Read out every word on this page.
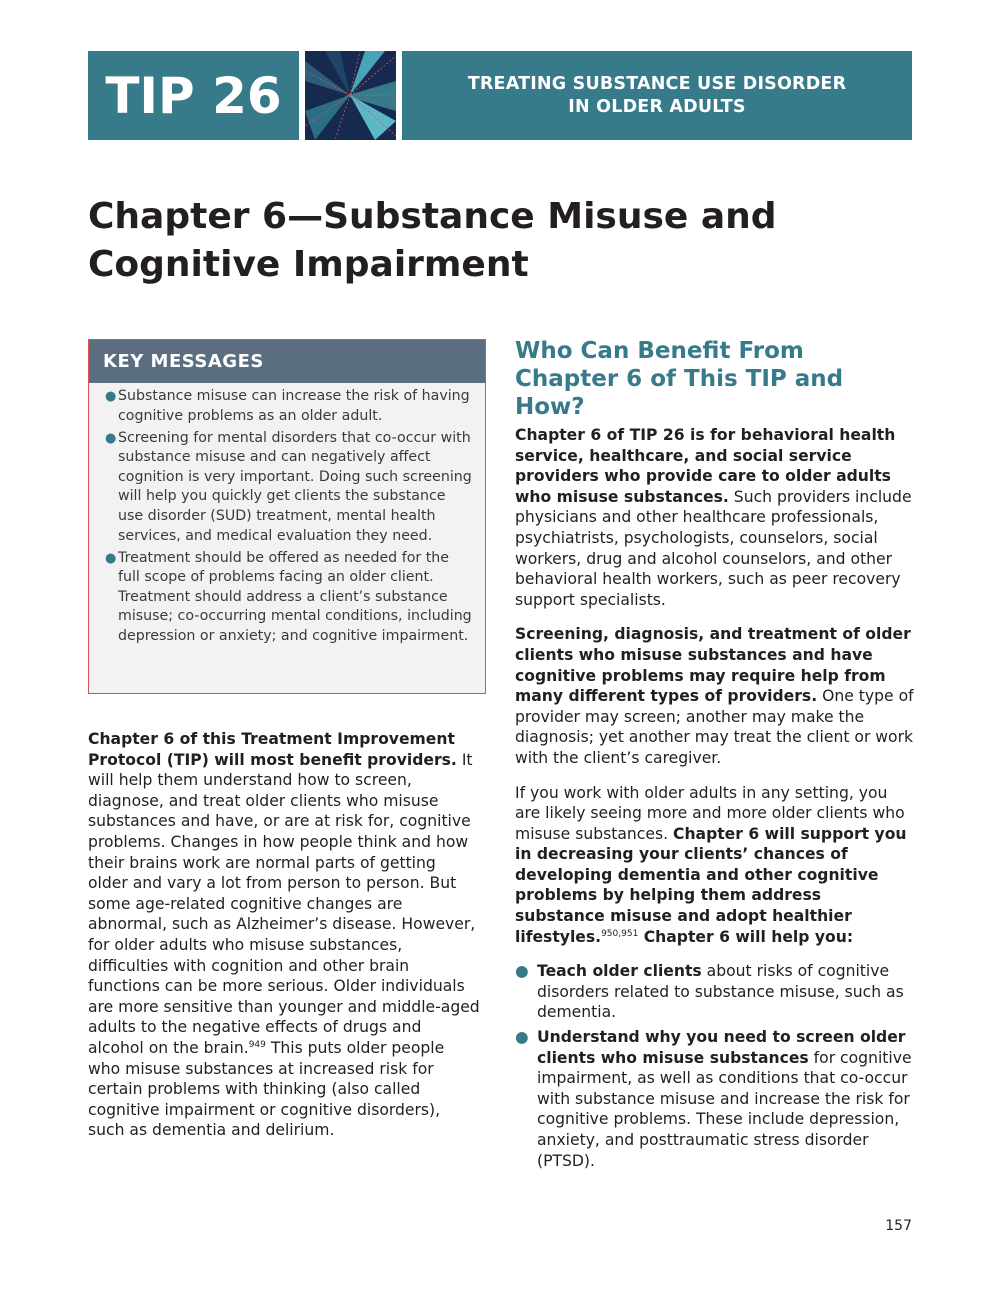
TIP 26	TREATING SUBSTANCE USE DISORDER
IN OLDER ADULTS
Chapter 6—Substance Misuse and Cognitive Impairment
KEY MESSAGES
● Substance misuse can increase the risk of having cognitive problems as an older adult.
● Screening for mental disorders that co-occur with substance misuse and can negatively affect cognition is very important. Doing such screening will help you quickly get clients the substance use disorder (SUD) treatment, mental health services, and medical evaluation they need.
● Treatment should be offered as needed for the full scope of problems facing an older client. Treatment should address a client’s substance misuse; co-occurring mental conditions, including depression or anxiety; and cognitive impairment.
Chapter 6 of this Treatment Improvement Protocol (TIP) will most benefit providers. It will help them understand how to screen, diagnose, and treat older clients who misuse substances and have, or are at risk for, cognitive problems. Changes in how people think and how their brains work are normal parts of getting older and vary a lot from person to person. But some age-related cognitive changes are abnormal, such as Alzheimer’s disease. However, for older adults who misuse substances, difficulties with cognition and other brain functions can be more serious. Older individuals are more sensitive than younger and middle-aged adults to the negative effects of drugs and alcohol on the brain.$^{949}$ This puts older people who misuse substances at increased risk for certain problems with thinking (also called cognitive impairment or cognitive disorders), such as dementia and delirium.
Who Can Benefit From Chapter 6 of This TIP and How?

Chapter 6 of TIP 26 is for behavioral health service, healthcare, and social service providers who provide care to older adults who misuse substances. Such providers include physicians and other healthcare professionals, psychiatrists, psychologists, counselors, social workers, drug and alcohol counselors, and other behavioral health workers, such as peer recovery support specialists.

Screening, diagnosis, and treatment of older clients who misuse substances and have cognitive problems may require help from many different types of providers. One type of provider may screen; another may make the diagnosis; yet another may treat the client or work with the client’s caregiver.

If you work with older adults in any setting, you are likely seeing more and more older clients who misuse substances. Chapter 6 will support you in decreasing your clients’ chances of developing dementia and other cognitive problems by helping them address substance misuse and adopt healthier lifestyles.$^{950,951}$ Chapter 6 will help you:

● Teach older clients about risks of cognitive disorders related to substance misuse, such as dementia.
● Understand why you need to screen older clients who misuse substances for cognitive impairment, as well as conditions that co-occur with substance misuse and increase the risk for cognitive problems. These include depression, anxiety, and posttraumatic stress disorder (PTSD).
157
